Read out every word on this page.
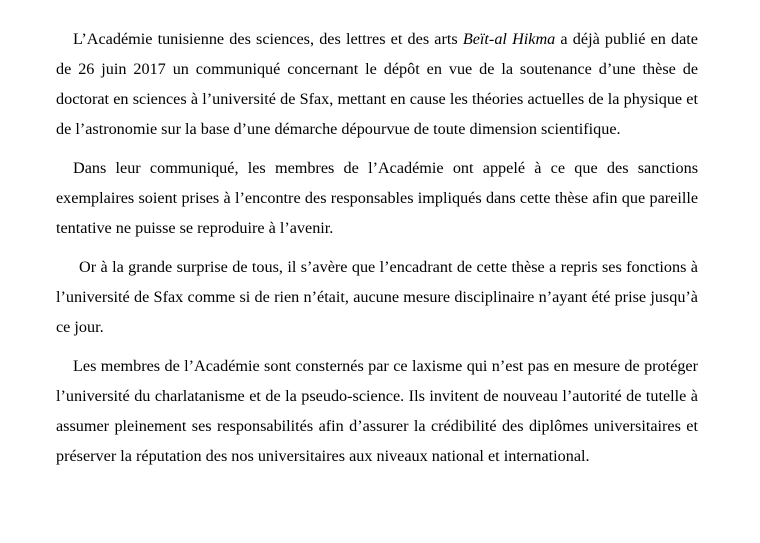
L’Académie tunisienne des sciences, des lettres et des arts Beït-al Hikma a déjà publié en date de 26 juin 2017 un communiqué concernant le dépôt en vue de la soutenance d’une thèse de doctorat en sciences à l’université de Sfax, mettant en cause les théories actuelles de la physique et de l’astronomie sur la base d’une démarche dépourvue de toute dimension scientifique.

Dans leur communiqué, les membres de l’Académie ont appelé à ce que des sanctions exemplaires soient prises à l’encontre des responsables impliqués dans cette thèse afin que pareille tentative ne puisse se reproduire à l’avenir.

Or à la grande surprise de tous, il s’avère que l’encadrant de cette thèse a repris ses fonctions à l’université de Sfax comme si de rien n’était, aucune mesure disciplinaire n’ayant été prise jusqu’à ce jour.

Les membres de l’Académie sont consternés par ce laxisme qui n’est pas en mesure de protéger l’université du charlatanisme et de la pseudo-science. Ils invitent de nouveau l’autorité de tutelle à assumer pleinement ses responsabilités afin d’assurer la crédibilité des diplômes universitaires et préserver la réputation des nos universitaires aux niveaux national et international.
